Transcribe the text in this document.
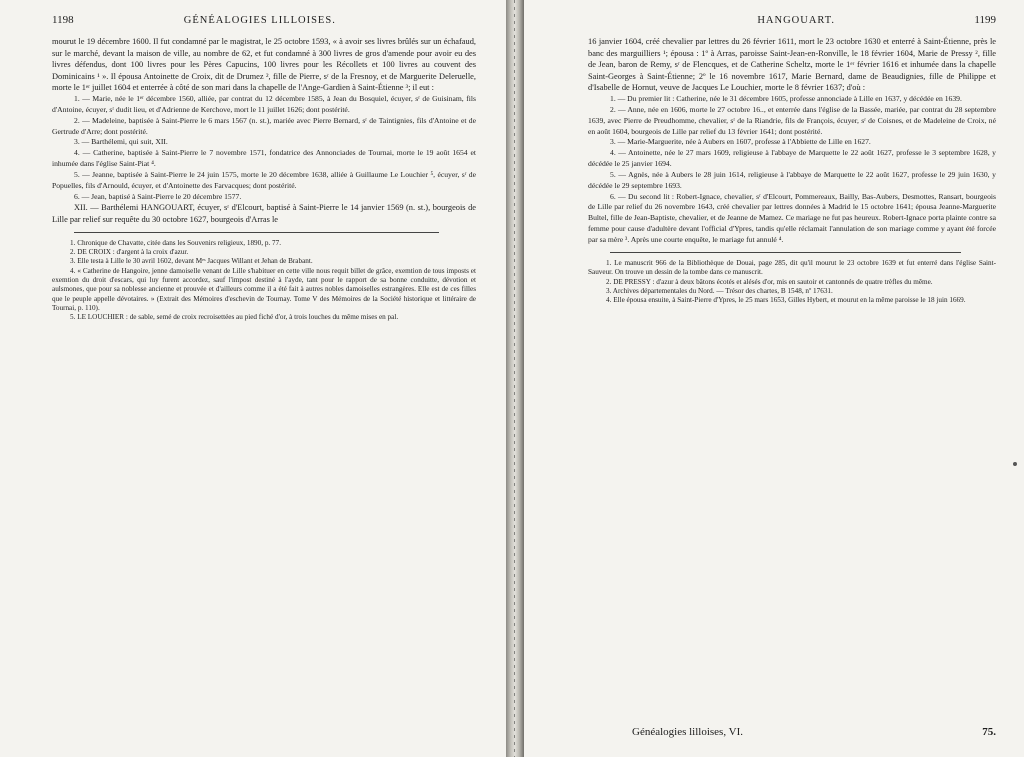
1198	GÉNÉALOGIES LILLOISES.

mourut le 19 décembre 1600. Il fut condamné par le magistrat, le 25 octobre 1593, « à avoir ses livres brûlés sur un échafaud, sur le marché, devant la maison de ville, au nombre de 62, et fut condamné à 300 livres de gros d'amende pour avoir eu des livres défendus, dont 100 livres pour les Pères Capucins, 100 livres pour les Récollets et 100 livres au couvent des Dominicains ¹ ». Il épousa Antoinette de Croix, dit de Drumez ², fille de Pierre, sʳ de la Fresnoy, et de Marguerite Deleruelle, morte le 1ᵉʳ juillet 1604 et enterrée à côté de son mari dans la chapelle de l'Ange-Gardien à Saint-Étienne ³; il eut :

1. — Marie, née le 1ᵉʳ décembre 1560, alliée, par contrat du 12 décembre 1585, à Jean du Bosquiel, écuyer, sʳ de Guisinam, fils d'Antoine, écuyer, sʳ dudit lieu, et d'Adrienne de Kerchove, mort le 11 juillet 1626; dont postérité.

2. — Madeleine, baptisée à Saint-Pierre le 6 mars 1567 (n. st.), mariée avec Pierre Bernard, sʳ de Taintignies, fils d'Antoine et de Gertrude d'Arre; dont postérité.

3. — Barthélemi, qui suit, XII.

4. — Catherine, baptisée à Saint-Pierre le 7 novembre 1571, fondatrice des Annonciades de Tournai, morte le 19 août 1654 et inhumée dans l'église Saint-Piat ⁴.

5. — Jeanne, baptisée à Saint-Pierre le 24 juin 1575, morte le 20 décembre 1638, alliée à Guillaume Le Louchier ⁵, écuyer, sʳ de Popuelles, fils d'Arnould, écuyer, et d'Antoinette des Farvacques; dont postérité.

6. — Jean, baptisé à Saint-Pierre le 20 décembre 1577.

XII. — Barthélemi HANGOUART, écuyer, sʳ d'Elcourt, baptisé à Saint-Pierre le 14 janvier 1569 (n. st.), bourgeois de Lille par relief sur requête du 30 octobre 1627, bourgeois d'Arras le

1. Chronique de Chavatte, citée dans les Souvenirs religieux, 1890, p. 77.

2. DE CROIX : d'argent à la croix d'azur.

3. Elle testa à Lille le 30 avril 1602, devant Mᵉˢ Jacques Willant et Jehan de Brabant.

4. « Catherine de Hangoire, jenne damoiselle venant de Lille s'habituer en cette ville nous requit billet de grâce, exemtion de tous imposts et exemtion du droit d'escars, qui luy furent accordez, sauf l'impost destiné à l'ayde, tant pour le rapport de sa bonne conduitte, dévotion et aulsmones, que pour sa noblesse ancienne et prouvée et d'ailleurs comme il a été fait à autres nobles damoiselles estrangères. Elle est de ces filles que le peuple appelle dévotaires. » (Extrait des Mémoires d'eschevin de Tournay. Tome V des Mémoires de la Société historique et littéraire de Tournai, p. 110).

5. LE LOUCHIER : de sable, semé de croix recroisettées au pied fiché d'or, à trois louches du même mises en pal.

HANGOUART.	1199

16 janvier 1604, créé chevalier par lettres du 26 février 1611, mort le 23 octobre 1630 et enterré à Saint-Étienne, près le banc des marguilliers ¹; épousa : 1º à Arras, paroisse Saint-Jean-en-Ronville, le 18 février 1604, Marie de Pressy ², fille de Jean, baron de Remy, sʳ de Flencques, et de Catherine Scheltz, morte le 1ᵉʳ février 1616 et inhumée dans la chapelle Saint-Georges à Saint-Étienne; 2º le 16 novembre 1617, Marie Bernard, dame de Beaudignies, fille de Philippe et d'Isabelle de Hornut, veuve de Jacques Le Louchier, morte le 8 février 1637; d'où :

1. — Du premier lit : Catherine, née le 31 décembre 1605, professe annonciade à Lille en 1637, y décédée en 1639.

2. — Anne, née en 1606, morte le 27 octobre 16.., et enterrée dans l'église de la Bassée, mariée, par contrat du 28 septembre 1639, avec Pierre de Preudhomme, chevalier, sʳ de la Riandrie, fils de François, écuyer, sʳ de Coisnes, et de Madeleine de Croix, né en août 1604, bourgeois de Lille par relief du 13 février 1641; dont postérité.

3. — Marie-Marguerite, née à Aubers en 1607, professe à l'Abbiette de Lille en 1627.

4. — Antoinette, née le 27 mars 1609, religieuse à l'abbaye de Marquette le 22 août 1627, professe le 3 septembre 1628, y décédée le 25 janvier 1694.

5. — Agnès, née à Aubers le 28 juin 1614, religieuse à l'abbaye de Marquette le 22 août 1627, professe le 29 juin 1630, y décédée le 29 septembre 1693.

6. — Du second lit : Robert-Ignace, chevalier, sʳ d'Elcourt, Pommereaux, Bailly, Bas-Aubers, Desmottes, Ransart, bourgeois de Lille par relief du 26 novembre 1643, créé chevalier par lettres données à Madrid le 15 octobre 1641; épousa Jeanne-Marguerite Bultel, fille de Jean-Baptiste, chevalier, et de Jeanne de Mamez. Ce mariage ne fut pas heureux. Robert-Ignace porta plainte contre sa femme pour cause d'adultère devant l'official d'Ypres, tandis qu'elle réclamait l'annulation de son mariage comme y ayant été forcée par sa mère ³. Après une courte enquête, le mariage fut annulé ⁴.

1. Le manuscrit 966 de la Bibliothèque de Douai, page 285, dit qu'il mourut le 23 octobre 1639 et fut enterré dans l'église Saint-Sauveur. On trouve un dessin de la tombe dans ce manuscrit.

2. DE PRESSY : d'azur à deux bâtons écotés et alésés d'or, mis en sautoir et cantonnés de quatre trèfles du même.

3. Archives départementales du Nord. — Trésor des chartes, B 1548, nº 17631.

4. Elle épousa ensuite, à Saint-Pierre d'Ypres, le 25 mars 1653, Gilles Hybert, et mourut en la même paroisse le 18 juin 1669.

Généalogies lilloises, VI.	75.
